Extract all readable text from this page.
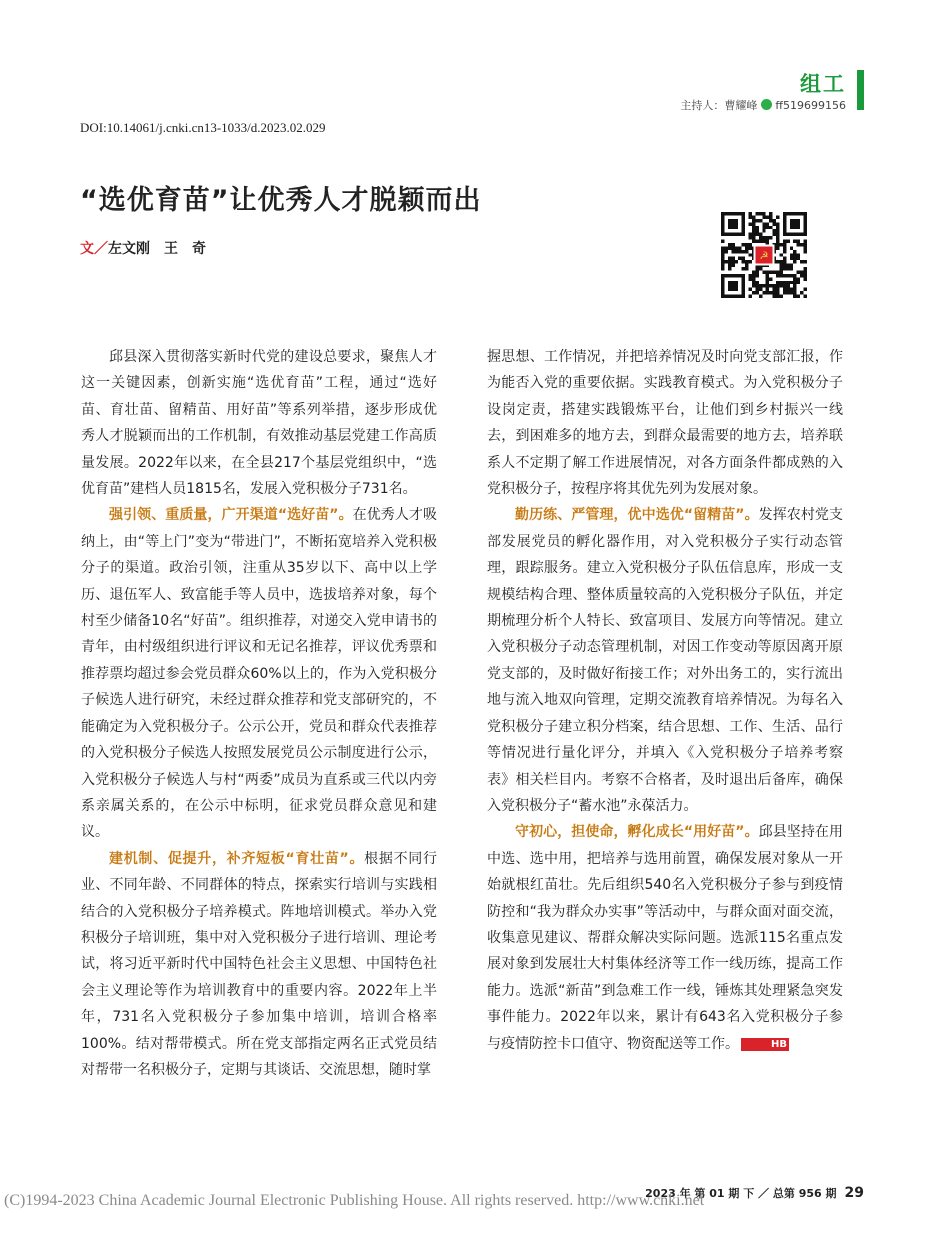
组工
主持人：曹耀峰 ff519699156
DOI:10.14061/j.cnki.cn13-1033/d.2023.02.029
“选优育苗”让优秀人才脱颖而出
文／左文刚　王　奇	☭

邱县深入贯彻落实新时代党的建设总要求，聚焦人才这一关键因素，创新实施“选优育苗”工程，通过“选好苗、育壮苗、留精苗、用好苗”等系列举措，逐步形成优秀人才脱颖而出的工作机制，有效推动基层党建工作高质量发展。2022年以来，在全县217个基层党组织中，“选优育苗”建档人员1815名，发展入党积极分子731名。

强引领、重质量，广开渠道“选好苗”。在优秀人才吸纳上，由“等上门”变为“带进门”，不断拓宽培养入党积极分子的渠道。政治引领，注重从35岁以下、高中以上学历、退伍军人、致富能手等人员中，选拔培养对象，每个村至少储备10名“好苗”。组织推荐，对递交入党申请书的青年，由村级组织进行评议和无记名推荐，评议优秀票和推荐票均超过参会党员群众60%以上的，作为入党积极分子候选人进行研究，未经过群众推荐和党支部研究的，不能确定为入党积极分子。公示公开，党员和群众代表推荐的入党积极分子候选人按照发展党员公示制度进行公示，入党积极分子候选人与村“两委”成员为直系或三代以内旁系亲属关系的，在公示中标明，征求党员群众意见和建议。

建机制、促提升，补齐短板“育壮苗”。根据不同行业、不同年龄、不同群体的特点，探索实行培训与实践相结合的入党积极分子培养模式。阵地培训模式。举办入党积极分子培训班，集中对入党积极分子进行培训、理论考试，将习近平新时代中国特色社会主义思想、中国特色社会主义理论等作为培训教育中的重要内容。2022年上半年，731名入党积极分子参加集中培训，培训合格率100%。结对帮带模式。所在党支部指定两名正式党员结对帮带一名积极分子，定期与其谈话、交流思想，随时掌

握思想、工作情况，并把培养情况及时向党支部汇报，作为能否入党的重要依据。实践教育模式。为入党积极分子设岗定责，搭建实践锻炼平台，让他们到乡村振兴一线去，到困难多的地方去，到群众最需要的地方去，培养联系人不定期了解工作进展情况，对各方面条件都成熟的入党积极分子，按程序将其优先列为发展对象。

勤历练、严管理，优中选优“留精苗”。发挥农村党支部发展党员的孵化器作用，对入党积极分子实行动态管理，跟踪服务。建立入党积极分子队伍信息库，形成一支规模结构合理、整体质量较高的入党积极分子队伍，并定期梳理分析个人特长、致富项目、发展方向等情况。建立入党积极分子动态管理机制，对因工作变动等原因离开原党支部的，及时做好衔接工作；对外出务工的，实行流出地与流入地双向管理，定期交流教育培养情况。为每名入党积极分子建立积分档案，结合思想、工作、生活、品行等情况进行量化评分，并填入《入党积极分子培养考察表》相关栏目内。考察不合格者，及时退出后备库，确保入党积极分子“蓄水池”永葆活力。

守初心，担使命，孵化成长“用好苗”。邱县坚持在用中选、选中用，把培养与选用前置，确保发展对象从一开始就根红苗壮。先后组织540名入党积极分子参与到疫情防控和“我为群众办实事”等活动中，与群众面对面交流，收集意见建议、帮群众解决实际问题。选派115名重点发展对象到发展壮大村集体经济等工作一线历练，提高工作能力。选派“新苗”到急难工作一线，锤炼其处理紧急突发事件能力。2022年以来，累计有643名入党积极分子参与疫情防控卡口值守、物资配送等工作。	HB

2023 年 第 01 期 下 ／ 总第 956 期 29
(C)1994-2023 China Academic Journal Electronic Publishing House. All rights reserved. http://www.cnki.net
